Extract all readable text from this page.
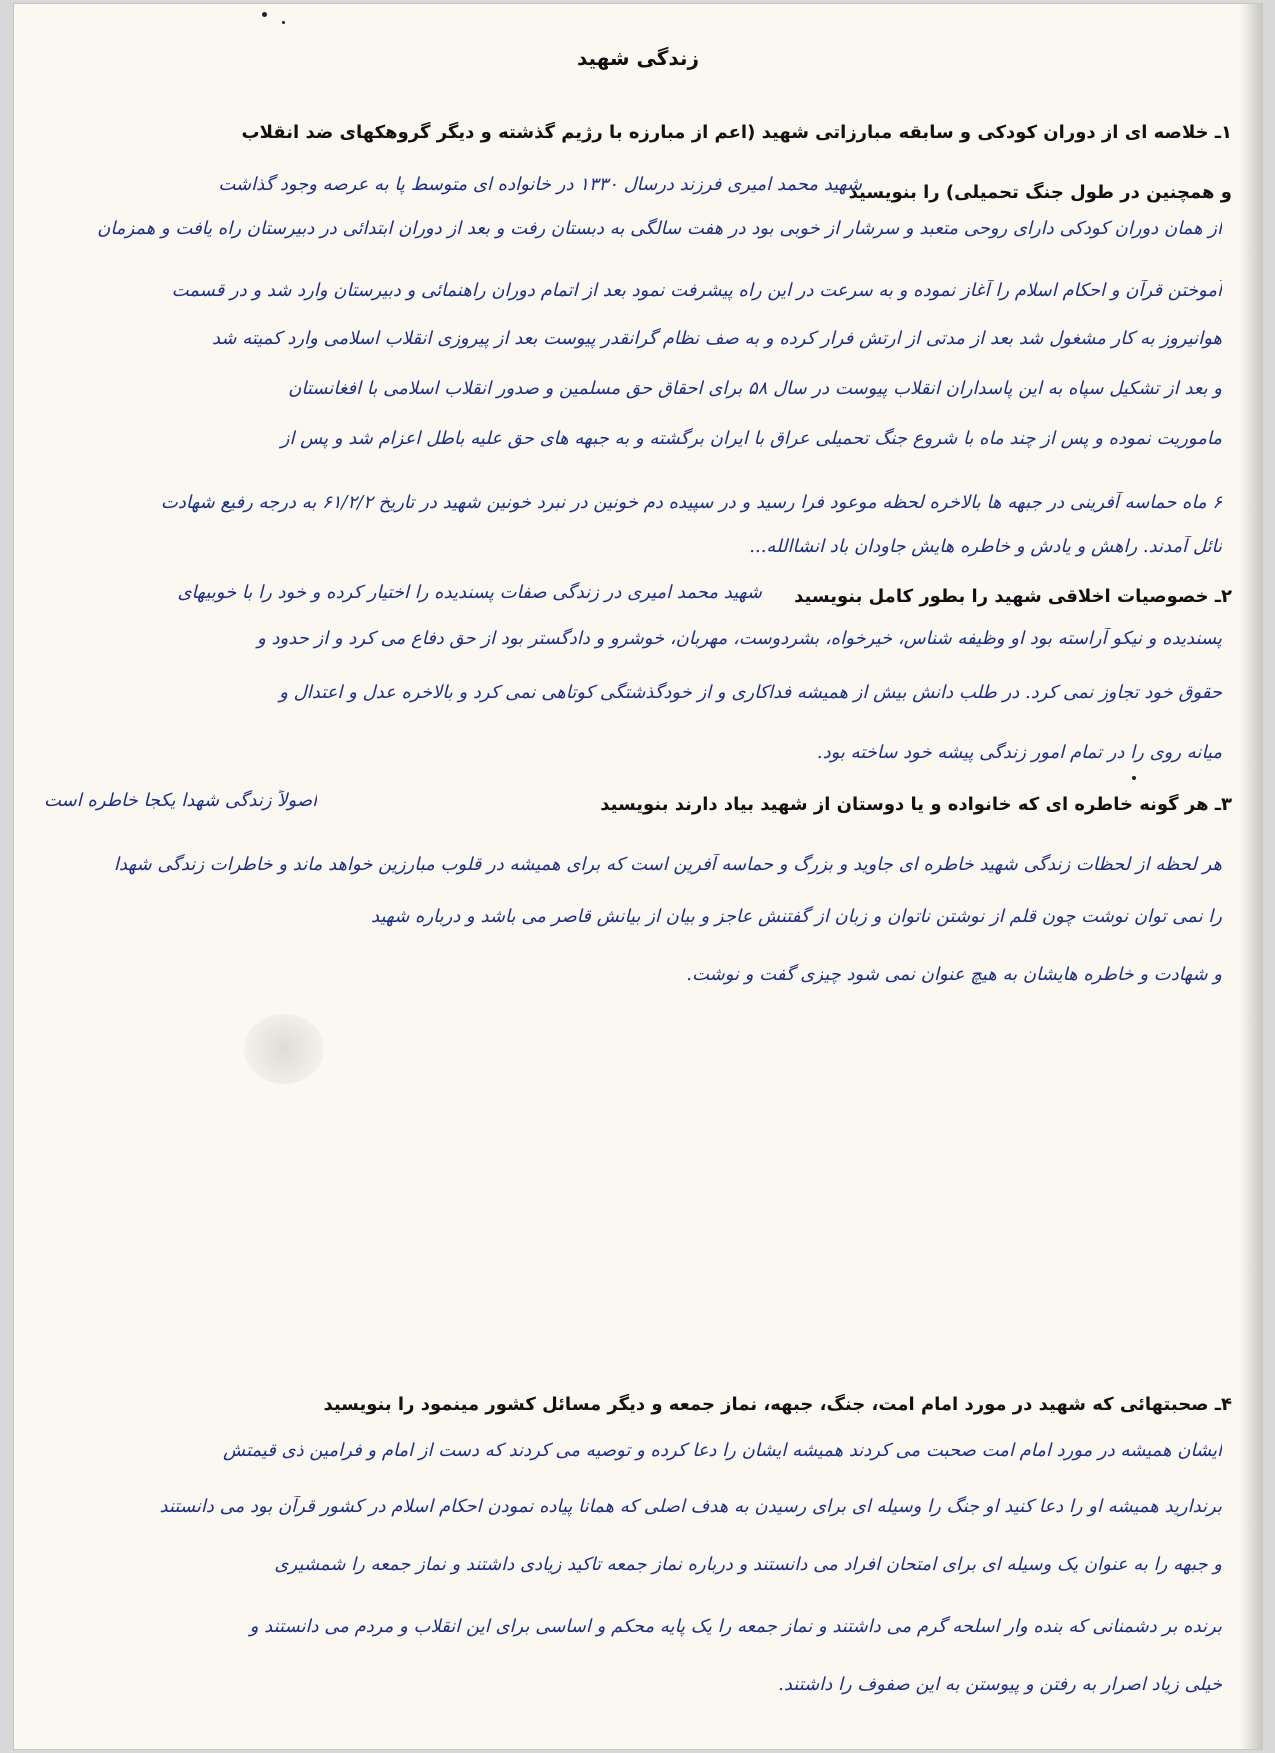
زندگی شهید
۱ـ خلاصه ای از دوران کودکی و سابقه مبارزاتی شهید (اعم از مبارزه با رژیم گذشته و دیگر گروهکهای ضد انقلاب
و همچنین در طول جنگ تحمیلی) را بنویسید
شهید محمد امیری فرزند درسال ۱۳۳۰ در خانواده ای متوسط پا به عرصه وجود گذاشت
از همان دوران کودکی دارای روحی متعبد و سرشار از خوبی بود در هفت سالگی به دبستان رفت و بعد از دوران ابتدائی در دبیرستان راه یافت و همزمان
آموختن قرآن و احکام اسلام را آغاز نموده و به سرعت در این راه پیشرفت نمود بعد از اتمام دوران راهنمائی و دبیرستان وارد شد و در قسمت
هوانیروز به کار مشغول شد بعد از مدتی از ارتش فرار کرده و به صف نظام گرانقدر پیوست بعد از پیروزی انقلاب اسلامی وارد کمیته شد
و بعد از تشکیل سپاه به این پاسداران انقلاب پیوست در سال ۵۸ برای احقاق حق مسلمین و صدور انقلاب اسلامی با افغانستان
ماموریت نموده و پس از چند ماه با شروع جنگ تحمیلی عراق با ایران برگشته و به جبهه های حق علیه باطل اعزام شد و پس از
۶ ماه حماسه آفرینی در جبهه ها بالاخره لحظه موعود فرا رسید و در سپیده دم خونین در نبرد خونین شهید در تاریخ ۶۱/۲/۲ به درجه رفیع شهادت
نائل آمدند. راهش و یادش و خاطره هایش جاودان باد انشاالله...
۲ـ خصوصیات اخلاقی شهید را بطور کامل بنویسید
شهید محمد امیری در زندگی صفات پسندیده را اختیار کرده و خود را با خوبیهای
پسندیده و نیکو آراسته بود او وظیفه شناس، خیرخواه، بشردوست، مهربان، خوشرو و دادگستر بود از حق دفاع می کرد و از حدود و
حقوق خود تجاوز نمی کرد. در طلب دانش بیش از همیشه فداکاری و از خودگذشتگی کوتاهی نمی کرد و بالاخره عدل و اعتدال و
میانه روی را در تمام امور زندگی پیشه خود ساخته بود.
۳ـ هر گونه خاطره ای که خانواده و یا دوستان از شهید بیاد دارند بنویسید
اصولاً زندگی شهدا یکجا خاطره است
هر لحظه از لحظات زندگی شهید خاطره ای جاوید و بزرگ و حماسه آفرین است که برای همیشه در قلوب مبارزین خواهد ماند و خاطرات زندگی شهدا
را نمی توان نوشت چون قلم از نوشتن ناتوان و زبان از گفتنش عاجز و بیان از بیانش قاصر می باشد و درباره شهید
و شهادت و خاطره هایشان به هیچ عنوان نمی شود چیزی گفت و نوشت.
۴ـ صحبتهائی که شهید در مورد امام امت، جنگ، جبهه، نماز جمعه و دیگر مسائل کشور مینمود را بنویسید
ایشان همیشه در مورد امام امت صحبت می کردند همیشه ایشان را دعا کرده و توصیه می کردند که دست از امام و فرامین ذی قیمتش
برندارید همیشه او را دعا کنید او جنگ را وسیله ای برای رسیدن به هدف اصلی که همانا پیاده نمودن احکام اسلام در کشور قرآن بود می دانستند
و جبهه را به عنوان یک وسیله ای برای امتحان افراد می دانستند و درباره نماز جمعه تاکید زیادی داشتند و نماز جمعه را شمشیری
برنده بر دشمنانی که بنده وار اسلحه گرم می داشتند و نماز جمعه را یک پایه محکم و اساسی برای این انقلاب و مردم می دانستند و
خیلی زیاد اصرار به رفتن و پیوستن به این صفوف را داشتند.
